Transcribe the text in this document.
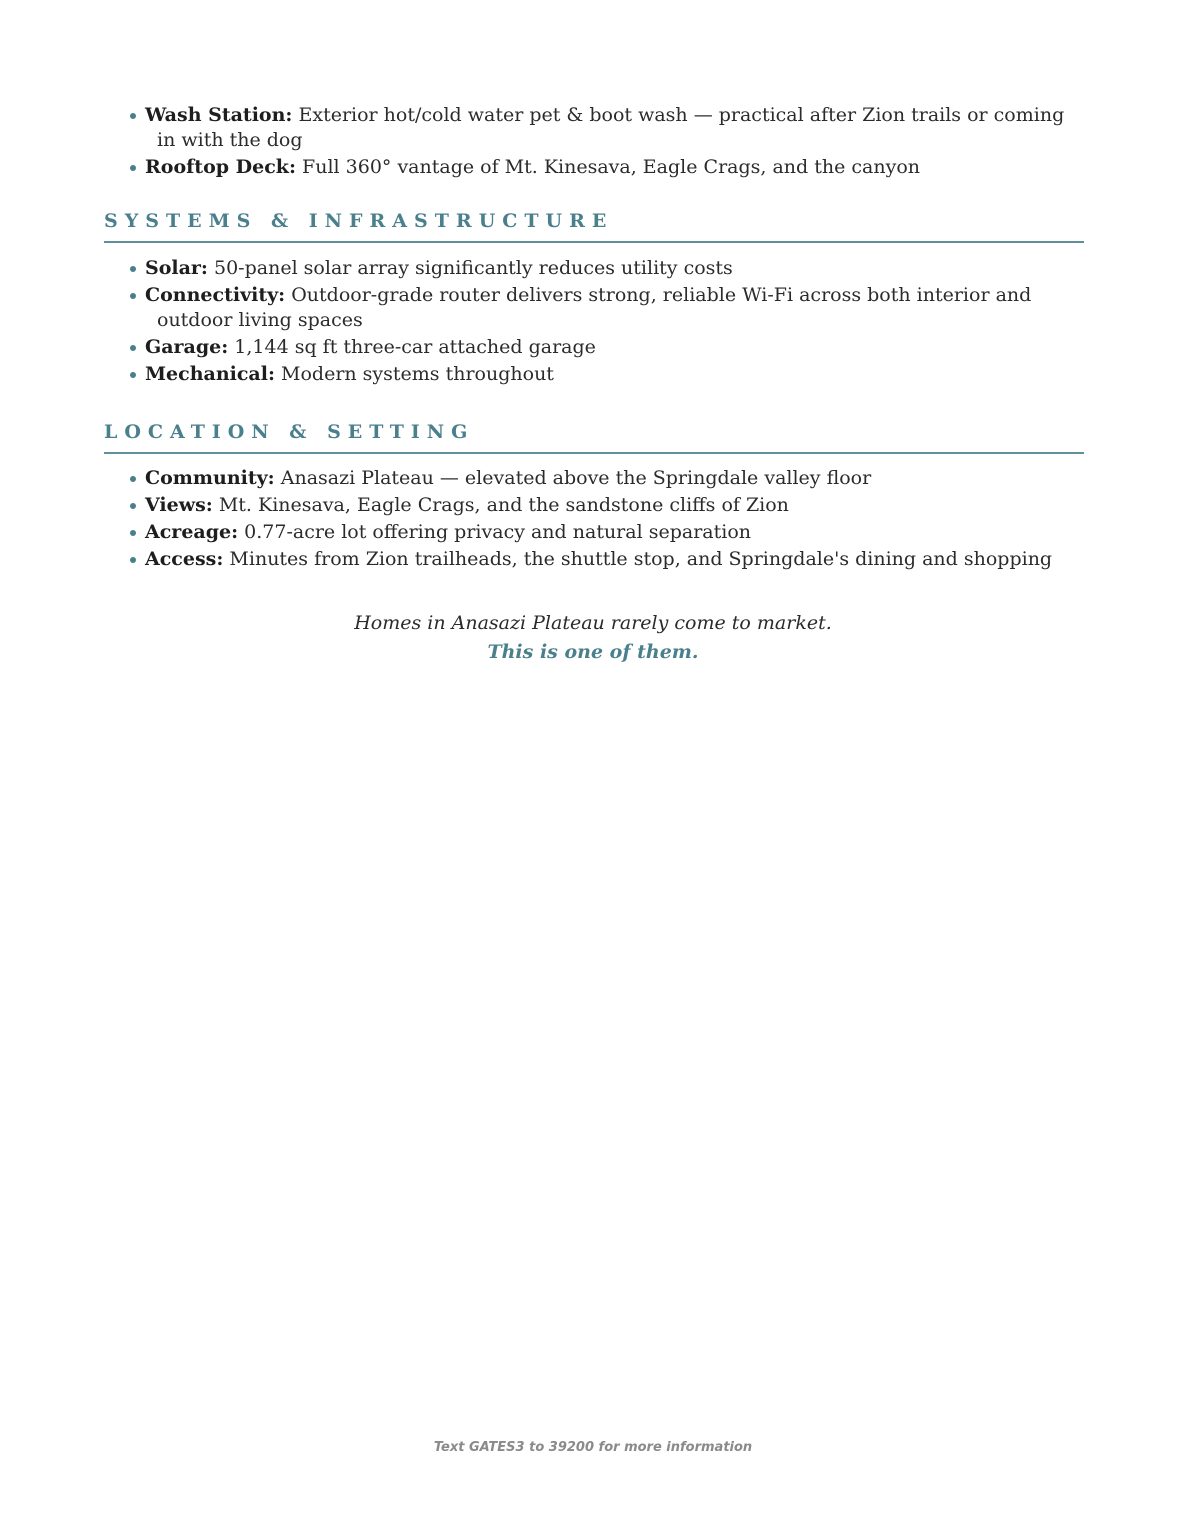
Wash Station: Exterior hot/cold water pet & boot wash — practical after Zion trails or coming in with the dog
Rooftop Deck: Full 360° vantage of Mt. Kinesava, Eagle Crags, and the canyon
SYSTEMS & INFRASTRUCTURE
Solar: 50-panel solar array significantly reduces utility costs
Connectivity: Outdoor-grade router delivers strong, reliable Wi-Fi across both interior and outdoor living spaces
Garage: 1,144 sq ft three-car attached garage
Mechanical: Modern systems throughout
LOCATION & SETTING
Community: Anasazi Plateau — elevated above the Springdale valley floor
Views: Mt. Kinesava, Eagle Crags, and the sandstone cliffs of Zion
Acreage: 0.77-acre lot offering privacy and natural separation
Access: Minutes from Zion trailheads, the shuttle stop, and Springdale's dining and shopping
Homes in Anasazi Plateau rarely come to market.
This is one of them.
Text GATES3 to 39200 for more information
